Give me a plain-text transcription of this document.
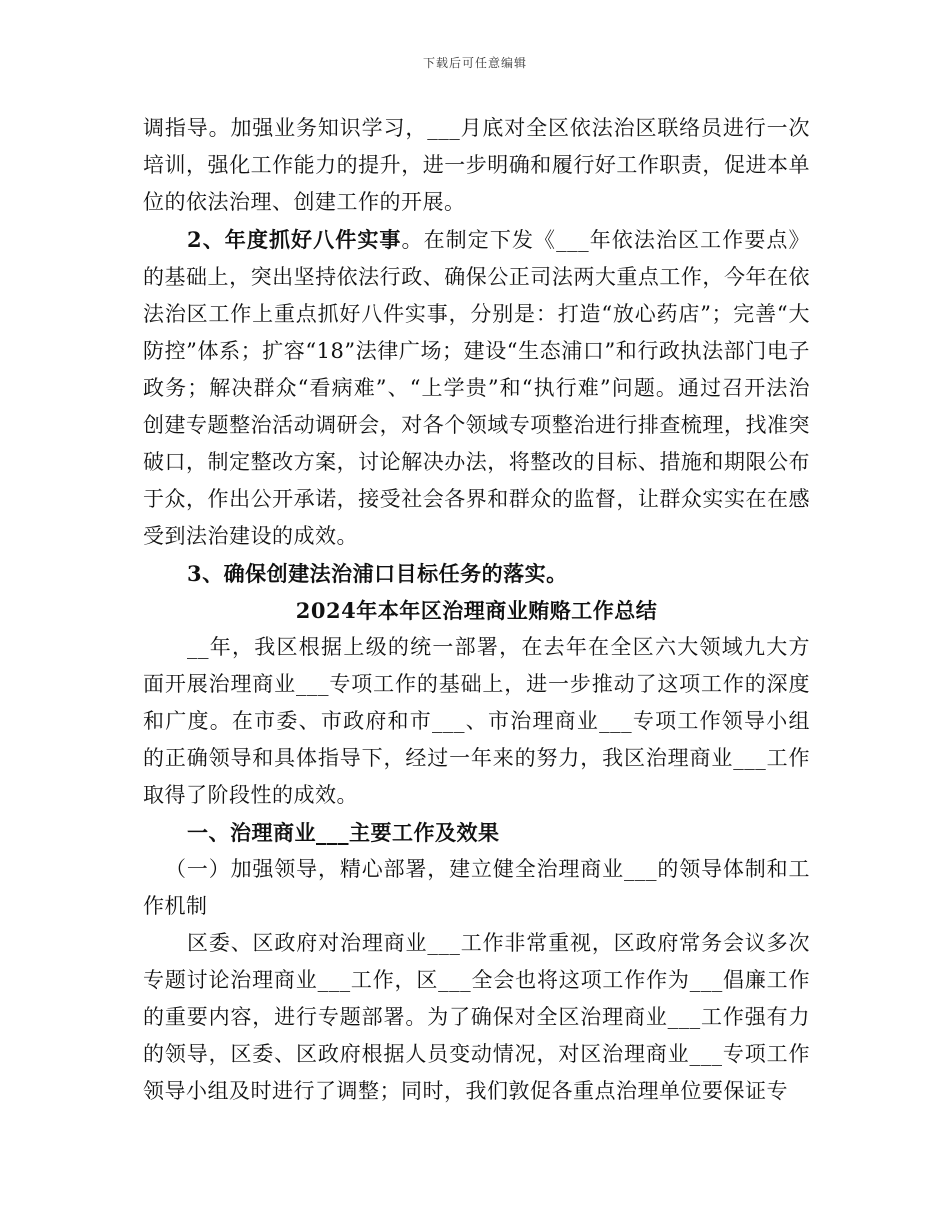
下载后可任意编辑

调指导。加强业务知识学习，___月底对全区依法治区联络员进行一次培训，强化工作能力的提升，进一步明确和履行好工作职责，促进本单位的依法治理、创建工作的开展。

2、年度抓好八件实事。在制定下发《___年依法治区工作要点》的基础上，突出坚持依法行政、确保公正司法两大重点工作，今年在依法治区工作上重点抓好八件实事，分别是：打造“放心药店”；完善“大防控”体系；扩容“18”法律广场；建设“生态浦口”和行政执法部门电子政务；解决群众“看病难”、“上学贵”和“执行难”问题。通过召开法治创建专题整治活动调研会，对各个领域专项整治进行排查梳理，找准突破口，制定整改方案，讨论解决办法，将整改的目标、措施和期限公布于众，作出公开承诺，接受社会各界和群众的监督，让群众实实在在感受到法治建设的成效。

3、确保创建法治浦口目标任务的落实。

2024年本年区治理商业贿赂工作总结

__年，我区根据上级的统一部署，在去年在全区六大领域九大方面开展治理商业___专项工作的基础上，进一步推动了这项工作的深度和广度。在市委、市政府和市___、市治理商业___专项工作领导小组的正确领导和具体指导下，经过一年来的努力，我区治理商业___工作取得了阶段性的成效。

一、治理商业___主要工作及效果

（一）加强领导，精心部署，建立健全治理商业___的领导体制和工作机制

区委、区政府对治理商业___工作非常重视，区政府常务会议多次专题讨论治理商业___工作，区___全会也将这项工作作为___倡廉工作的重要内容，进行专题部署。为了确保对全区治理商业___工作强有力的领导，区委、区政府根据人员变动情况，对区治理商业___专项工作领导小组及时进行了调整；同时，我们敦促各重点治理单位要保证专
